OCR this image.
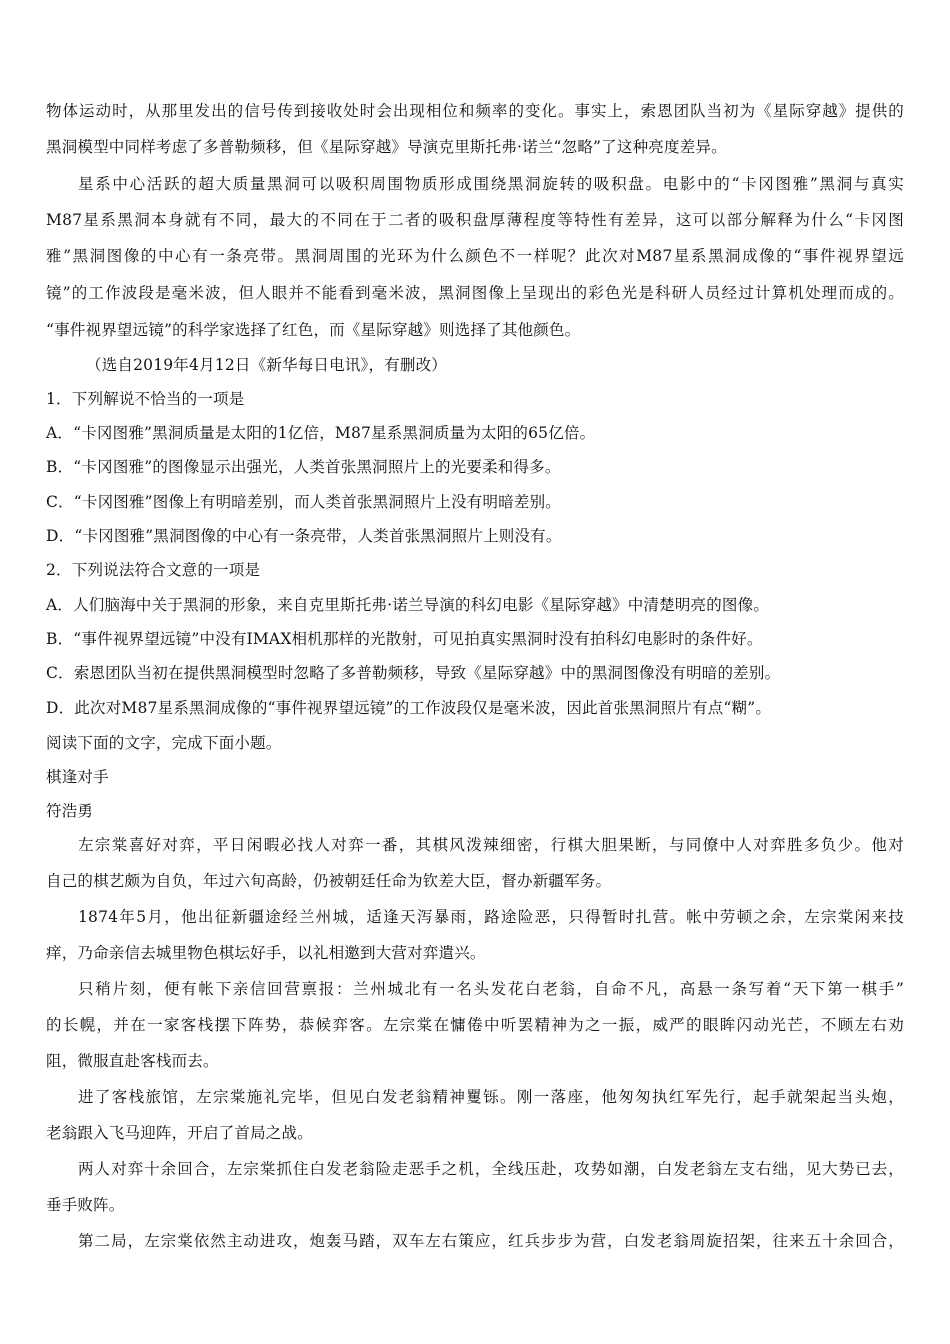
物体运动时，从那里发出的信号传到接收处时会出现相位和频率的变化。事实上，索恩团队当初为《星际穿越》提供的
黑洞模型中同样考虑了多普勒频移，但《星际穿越》导演克里斯托弗·诺兰“忽略”了这种亮度差异。
星系中心活跃的超大质量黑洞可以吸积周围物质形成围绕黑洞旋转的吸积盘。电影中的“卡冈图雅”黑洞与真实
M87星系黑洞本身就有不同，最大的不同在于二者的吸积盘厚薄程度等特性有差异，这可以部分解释为什么“卡冈图
雅”黑洞图像的中心有一条亮带。黑洞周围的光环为什么颜色不一样呢？此次对M87星系黑洞成像的“事件视界望远
镜”的工作波段是毫米波，但人眼并不能看到毫米波，黑洞图像上呈现出的彩色光是科研人员经过计算机处理而成的。
“事件视界望远镜”的科学家选择了红色，而《星际穿越》则选择了其他颜色。
（选自2019年4月12日《新华每日电讯》，有删改）
1．下列解说不恰当的一项是
A．“卡冈图雅”黑洞质量是太阳的1亿倍，M87星系黑洞质量为太阳的65亿倍。
B．“卡冈图雅”的图像显示出强光，人类首张黑洞照片上的光要柔和得多。
C．“卡冈图雅”图像上有明暗差别，而人类首张黑洞照片上没有明暗差别。
D．“卡冈图雅”黑洞图像的中心有一条亮带，人类首张黑洞照片上则没有。
2．下列说法符合文意的一项是
A．人们脑海中关于黑洞的形象，来自克里斯托弗·诺兰导演的科幻电影《星际穿越》中清楚明亮的图像。
B．“事件视界望远镜”中没有IMAX相机那样的光散射，可见拍真实黑洞时没有拍科幻电影时的条件好。
C．索恩团队当初在提供黑洞模型时忽略了多普勒频移，导致《星际穿越》中的黑洞图像没有明暗的差别。
D．此次对M87星系黑洞成像的“事件视界望远镜”的工作波段仅是毫米波，因此首张黑洞照片有点“糊”。
阅读下面的文字，完成下面小题。
棋逢对手
符浩勇
左宗棠喜好对弈，平日闲暇必找人对弈一番，其棋风泼辣细密，行棋大胆果断，与同僚中人对弈胜多负少。他对
自己的棋艺颇为自负，年过六旬高龄，仍被朝廷任命为钦差大臣，督办新疆军务。
1874年5月，他出征新疆途经兰州城，适逢天泻暴雨，路途险恶，只得暂时扎营。帐中劳顿之余，左宗棠闲来技
痒，乃命亲信去城里物色棋坛好手，以礼相邀到大营对弈遣兴。
只稍片刻，便有帐下亲信回营禀报：兰州城北有一名头发花白老翁，自命不凡，高悬一条写着“天下第一棋手”
的长幌，并在一家客栈摆下阵势，恭候弈客。左宗棠在慵倦中听罢精神为之一振，威严的眼眸闪动光芒，不顾左右劝
阻，微服直赴客栈而去。
进了客栈旅馆，左宗棠施礼完毕，但见白发老翁精神矍铄。刚一落座，他匆匆执红军先行，起手就架起当头炮，
老翁跟入飞马迎阵，开启了首局之战。
两人对弈十余回合，左宗棠抓住白发老翁险走恶手之机，全线压赴，攻势如潮，白发老翁左支右绌，见大势已去，
垂手败阵。
第二局，左宗棠依然主动进攻，炮轰马踏，双车左右策应，红兵步步为营，白发老翁周旋招架，往来五十余回合，
